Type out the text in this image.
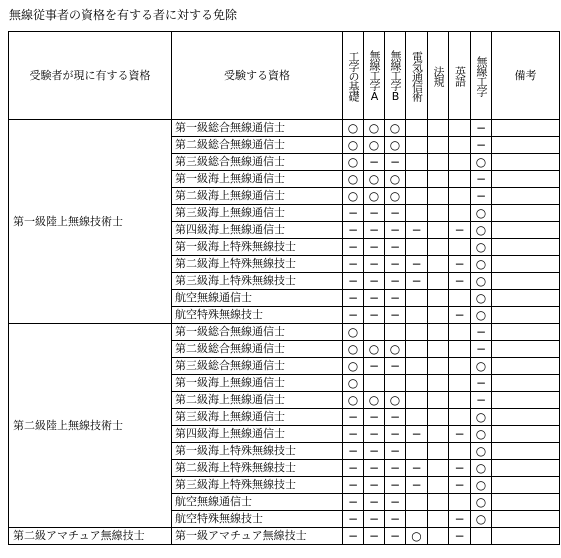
無線従事者の資格を有する者に対する免除
受験者が現に有する資格	受験する資格	工学の基礎	無線工学A	無線工学B	電気通信術	法規	英語	無線工学	備考
第一級陸上無線技術士	第一級総合無線通信士	○	○	○				−	
	第二級総合無線通信士	○	○	○				−	
	第三級総合無線通信士	○	−	−				○	
	第一級海上無線通信士	○	○	○				−	
	第二級海上無線通信士	○	○	○				−	
	第三級海上無線通信士	−	−	−				○	
	第四級海上無線通信士	−	−	−	−		−	○	
	第一級海上特殊無線技士	−	−	−				○	
	第二級海上特殊無線技士	−	−	−	−		−	○	
	第三級海上特殊無線技士	−	−	−	−		−	○	
	航空無線通信士	−	−	−				○	
	航空特殊無線技士	−	−	−			−	○	
第二級陸上無線技術士	第一級総合無線通信士	○						−	
	第二級総合無線通信士	○	○	○				−	
	第三級総合無線通信士	○	−	−				○	
	第一級海上無線通信士	○						−	
	第二級海上無線通信士	○	○	○				−	
	第三級海上無線通信士	−	−	−				○	
	第四級海上無線通信士	−	−	−	−		−	○	
	第一級海上特殊無線技士	−	−	−				○	
	第二級海上特殊無線技士	−	−	−	−		−	○	
	第三級海上特殊無線技士	−	−	−	−		−	○	
	航空無線通信士	−	−	−				○	
	航空特殊無線技士	−	−	−			−	○	
第二級アマチュア無線技士	第一級アマチュア無線技士	−	−	−	○		−		
